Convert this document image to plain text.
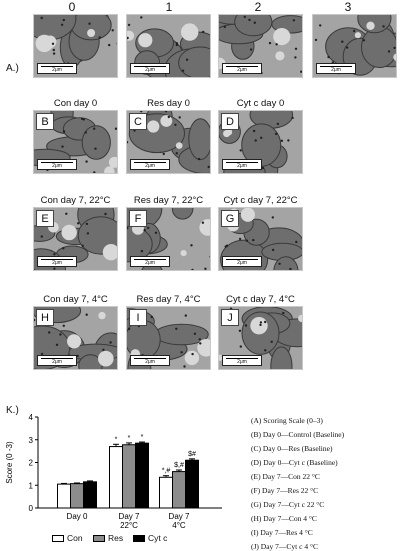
A.)
K.)
0	1	2	3
2μm	2μm	2μm	2μm
B
2μm
Con day 0
C
2μm
Res day 0
D
2μm
Cyt c day 0
E
2μm
Con day 7, 22°C
F
2μm
Res day 7, 22°C
G
2μm
Cyt c day 7, 22°C
H
2μm
Con day 7, 4°C
I
2μm
Res day 7, 4°C
J
2μm
Cyt c day 7, 4°C
0
1
2
3
4
Score (0 -3)
Day 0
* * *
Day 7
22°C
*,#
$,#
$#
Day 7
4°C
Con	Res	Cyt c
(A) Scoring Scale (0–3)
(B) Day 0—Control (Baseline)
(C) Day 0—Res (Baseline)
(D) Day 0—Cyt c (Baseline)
(E) Day 7—Con 22 °C
(F) Day 7—Res 22 °C
(G) Day 7—Cyt c 22 °C
(H) Day 7—Con 4 °C
(I) Day 7—Res 4 °C
(J) Day 7—Cyt c 4 °C
